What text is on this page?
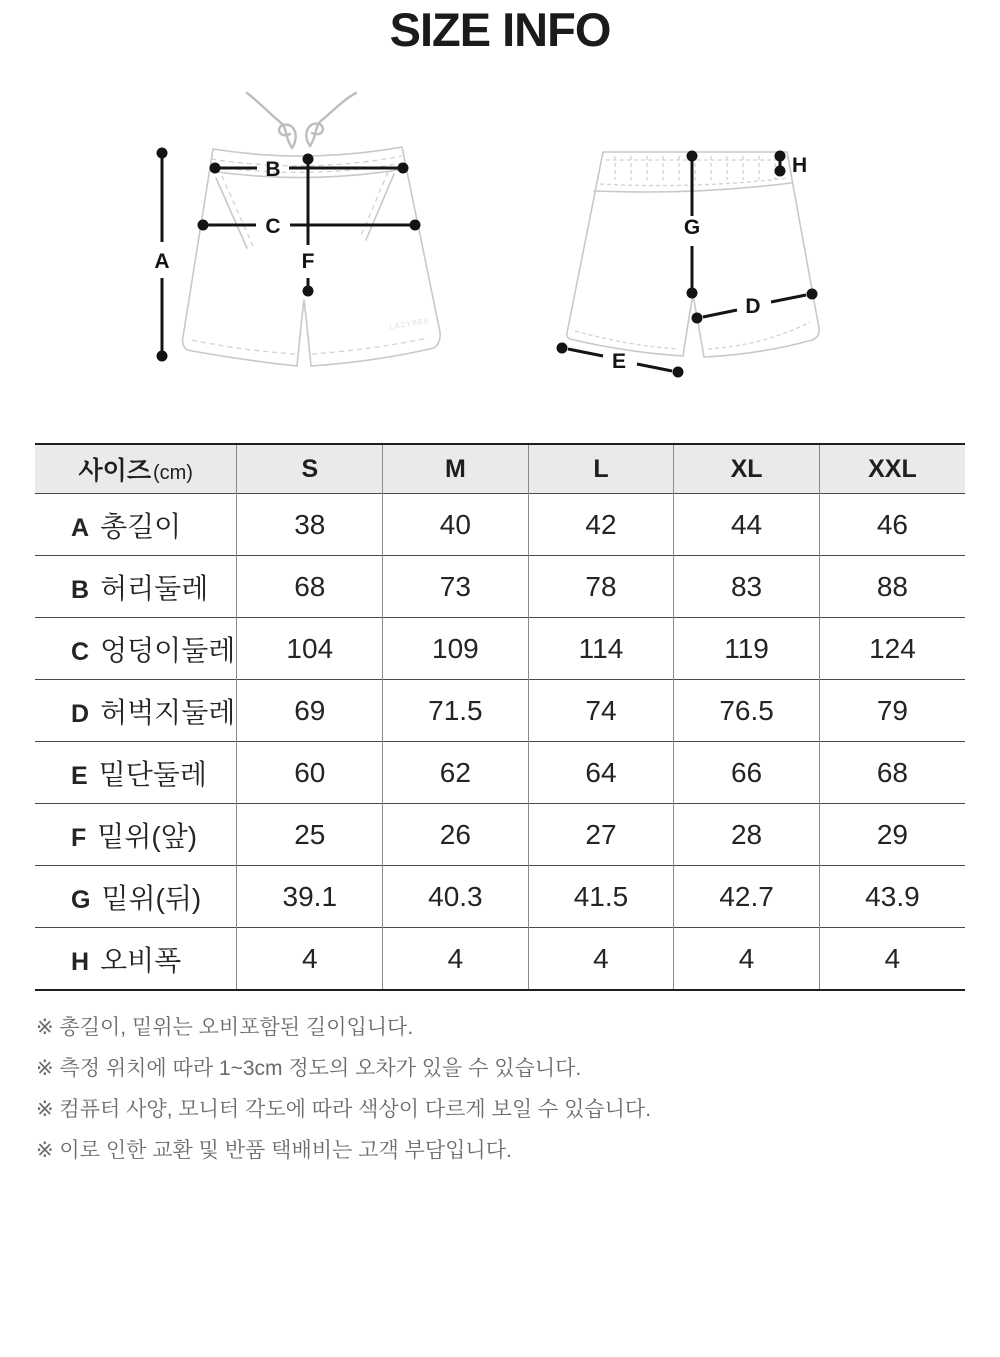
SIZE INFO
LAZYBEE
A
B
C
F
G
H
D
E
사이즈 (cm)	S	M	L	XL	XXL
A 총길이	38	40	42	44	46
B 허리둘레	68	73	78	83	88
C 엉덩이둘레	104	109	114	119	124
D 허벅지둘레	69	71.5	74	76.5	79
E 밑단둘레	60	62	64	66	68
F 밑위(앞)	25	26	27	28	29
G 밑위(뒤)	39.1	40.3	41.5	42.7	43.9
H 오비폭	4	4	4	4	4

※ 총길이, 밑위는 오비포함된 길이입니다.

※ 측정 위치에 따라 1~3cm 정도의 오차가 있을 수 있습니다.

※ 컴퓨터 사양, 모니터 각도에 따라 색상이 다르게 보일 수 있습니다.

※ 이로 인한 교환 및 반품 택배비는 고객 부담입니다.
